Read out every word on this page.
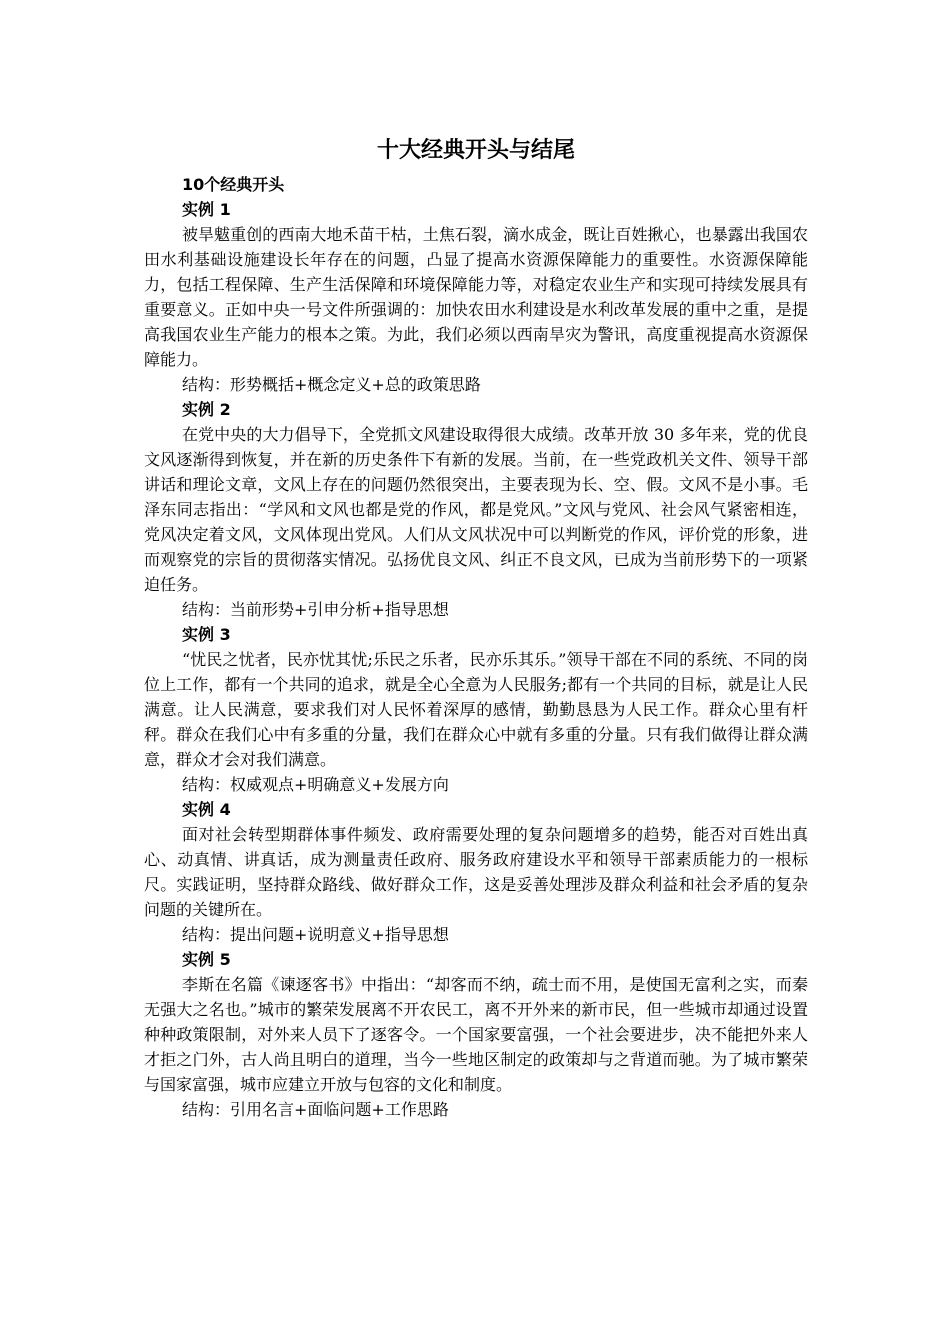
十大经典开头与结尾
10个经典开头
实例 1

被旱魃重创的西南大地禾苗干枯，土焦石裂，滴水成金，既让百姓揪心，也暴露出我国农田水利基础设施建设长年存在的问题，凸显了提高水资源保障能力的重要性。水资源保障能力，包括工程保障、生产生活保障和环境保障能力等，对稳定农业生产和实现可持续发展具有重要意义。正如中央一号文件所强调的：加快农田水利建设是水利改革发展的重中之重，是提高我国农业生产能力的根本之策。为此，我们必须以西南旱灾为警讯，高度重视提高水资源保障能力。

结构：形势概括+概念定义+总的政策思路

实例 2

在党中央的大力倡导下，全党抓文风建设取得很大成绩。改革开放 30 多年来，党的优良文风逐渐得到恢复，并在新的历史条件下有新的发展。当前，在一些党政机关文件、领导干部讲话和理论文章，文风上存在的问题仍然很突出，主要表现为长、空、假。文风不是小事。毛泽东同志指出：“学风和文风也都是党的作风，都是党风。”文风与党风、社会风气紧密相连，党风决定着文风，文风体现出党风。人们从文风状况中可以判断党的作风，评价党的形象，进而观察党的宗旨的贯彻落实情况。弘扬优良文风、纠正不良文风，已成为当前形势下的一项紧迫任务。

结构：当前形势+引申分析+指导思想

实例 3

“忧民之忧者，民亦忧其忧;乐民之乐者，民亦乐其乐。”领导干部在不同的系统、不同的岗位上工作，都有一个共同的追求，就是全心全意为人民服务;都有一个共同的目标，就是让人民满意。让人民满意，要求我们对人民怀着深厚的感情，勤勤恳恳为人民工作。群众心里有杆秤。群众在我们心中有多重的分量，我们在群众心中就有多重的分量。只有我们做得让群众满意，群众才会对我们满意。

结构：权威观点+明确意义+发展方向

实例 4

面对社会转型期群体事件频发、政府需要处理的复杂问题增多的趋势，能否对百姓出真心、动真情、讲真话，成为测量责任政府、服务政府建设水平和领导干部素质能力的一根标尺。实践证明，坚持群众路线、做好群众工作，这是妥善处理涉及群众利益和社会矛盾的复杂问题的关键所在。

结构：提出问题+说明意义+指导思想

实例 5

李斯在名篇《谏逐客书》中指出：“却客而不纳，疏士而不用，是使国无富利之实，而秦无强大之名也。”城市的繁荣发展离不开农民工，离不开外来的新市民，但一些城市却通过设置种种政策限制，对外来人员下了逐客令。一个国家要富强，一个社会要进步，决不能把外来人才拒之门外，古人尚且明白的道理，当今一些地区制定的政策却与之背道而驰。为了城市繁荣与国家富强，城市应建立开放与包容的文化和制度。

结构：引用名言+面临问题+工作思路
